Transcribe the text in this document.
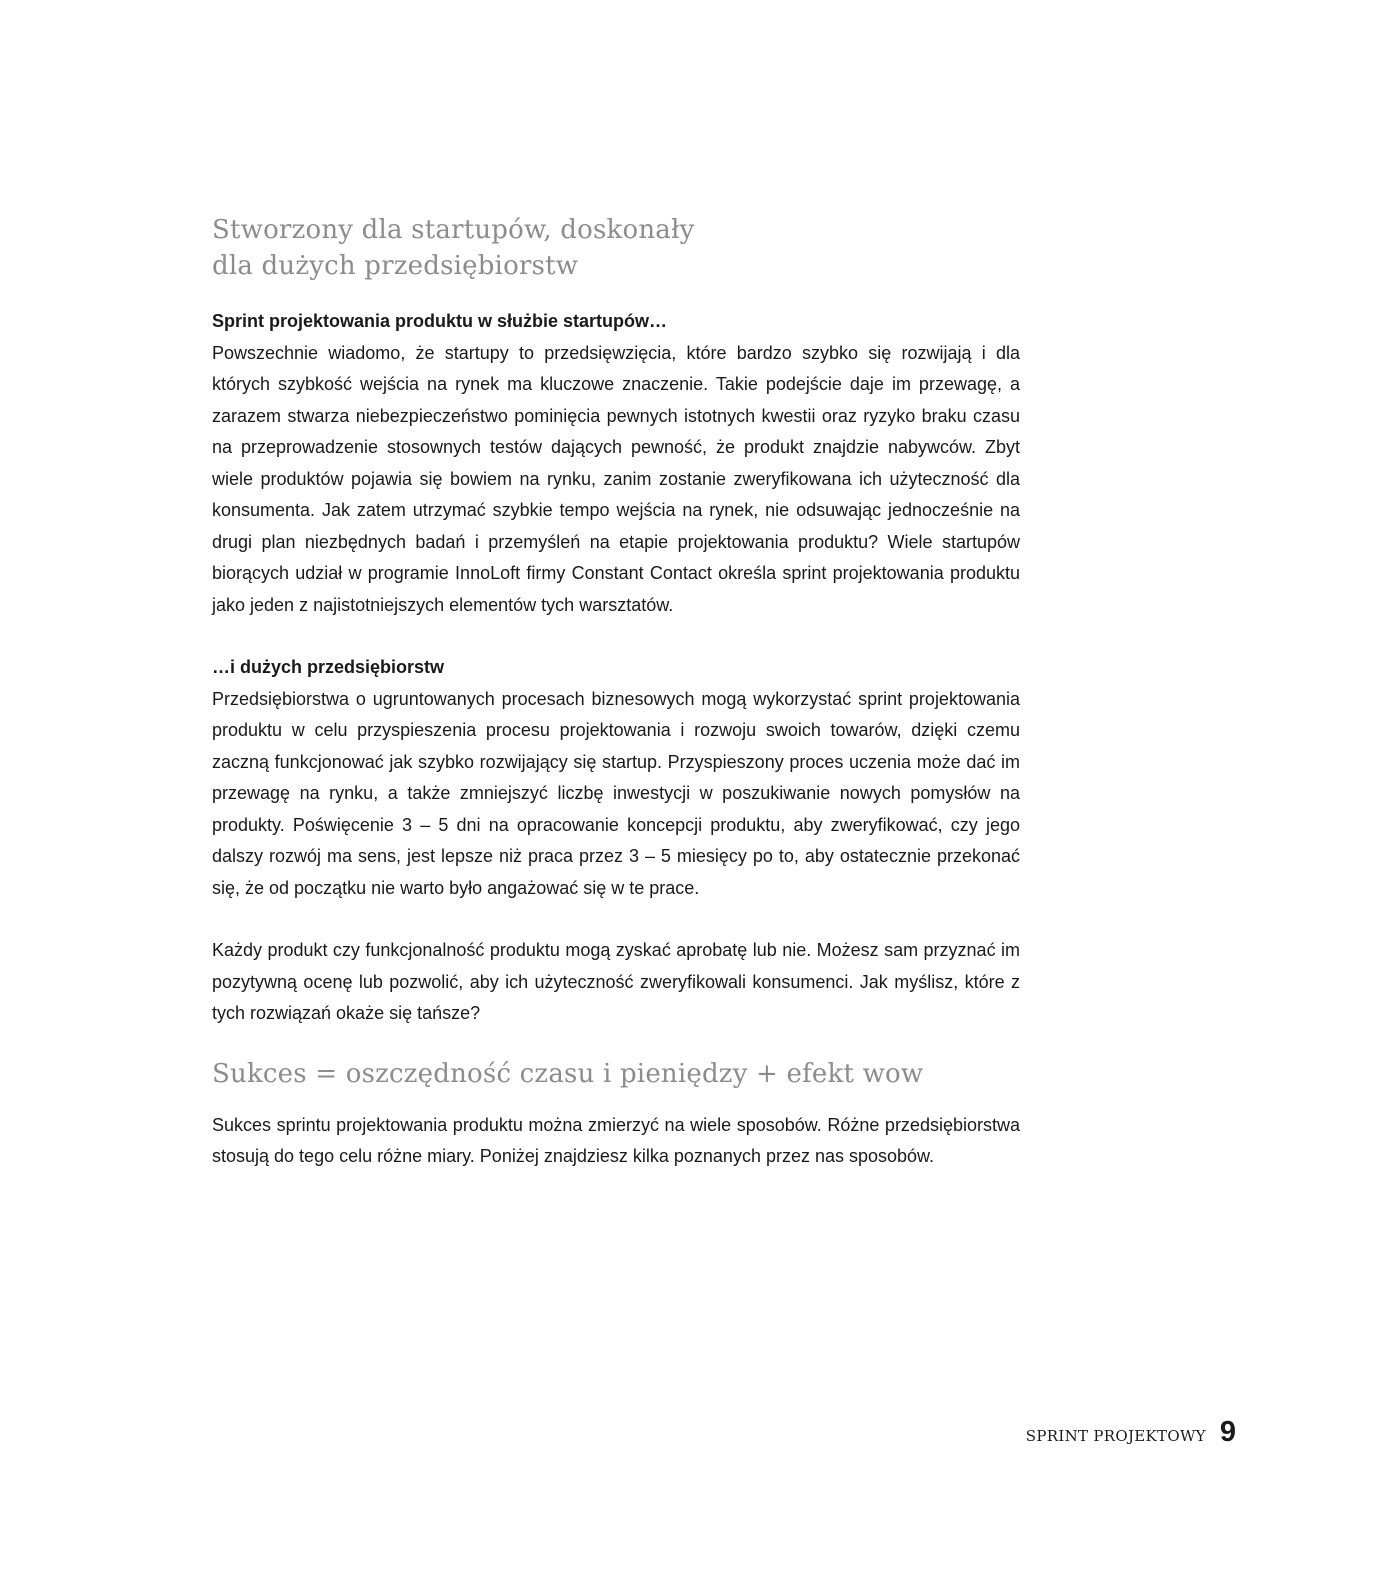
Stworzony dla startupów, doskonały
dla dużych przedsiębiorstw

Sprint projektowania produktu w służbie startupów…

Powszechnie wiadomo, że startupy to przedsięwzięcia, które bardzo szybko się rozwijają i dla których szybkość wejścia na rynek ma kluczowe znaczenie. Takie podejście daje im przewagę, a zarazem stwarza niebezpieczeństwo pominięcia pewnych istotnych kwestii oraz ryzyko braku czasu na przeprowadzenie stosownych testów dających pewność, że produkt znajdzie nabywców. Zbyt wiele produktów pojawia się bowiem na rynku, zanim zostanie zweryfikowana ich użyteczność dla konsumenta. Jak zatem utrzymać szybkie tempo wejścia na rynek, nie odsuwając jednocześnie na drugi plan niezbędnych badań i przemyśleń na etapie projektowania produktu? Wiele startupów biorących udział w programie InnoLoft firmy Constant Contact określa sprint projektowania produktu jako jeden z najistotniejszych elementów tych warsztatów.

…i dużych przedsiębiorstw

Przedsiębiorstwa o ugruntowanych procesach biznesowych mogą wykorzystać sprint projektowania produktu w celu przyspieszenia procesu projektowania i rozwoju swoich towarów, dzięki czemu zaczną funkcjonować jak szybko rozwijający się startup. Przyspieszony proces uczenia może dać im przewagę na rynku, a także zmniejszyć liczbę inwestycji w poszukiwanie nowych pomysłów na produkty. Poświęcenie 3 – 5 dni na opracowanie koncepcji produktu, aby zweryfikować, czy jego dalszy rozwój ma sens, jest lepsze niż praca przez 3 – 5 miesięcy po to, aby ostatecznie przekonać się, że od początku nie warto było angażować się w te prace.

Każdy produkt czy funkcjonalność produktu mogą zyskać aprobatę lub nie. Możesz sam przyznać im pozytywną ocenę lub pozwolić, aby ich użyteczność zweryfikowali konsumenci. Jak myślisz, które z tych rozwiązań okaże się tańsze?

Sukces = oszczędność czasu i pieniędzy + efekt wow

Sukces sprintu projektowania produktu można zmierzyć na wiele sposobów. Różne przedsiębiorstwa stosują do tego celu różne miary. Poniżej znajdziesz kilka poznanych przez nas sposobów.

SPRINT PROJEKTOWY 9
